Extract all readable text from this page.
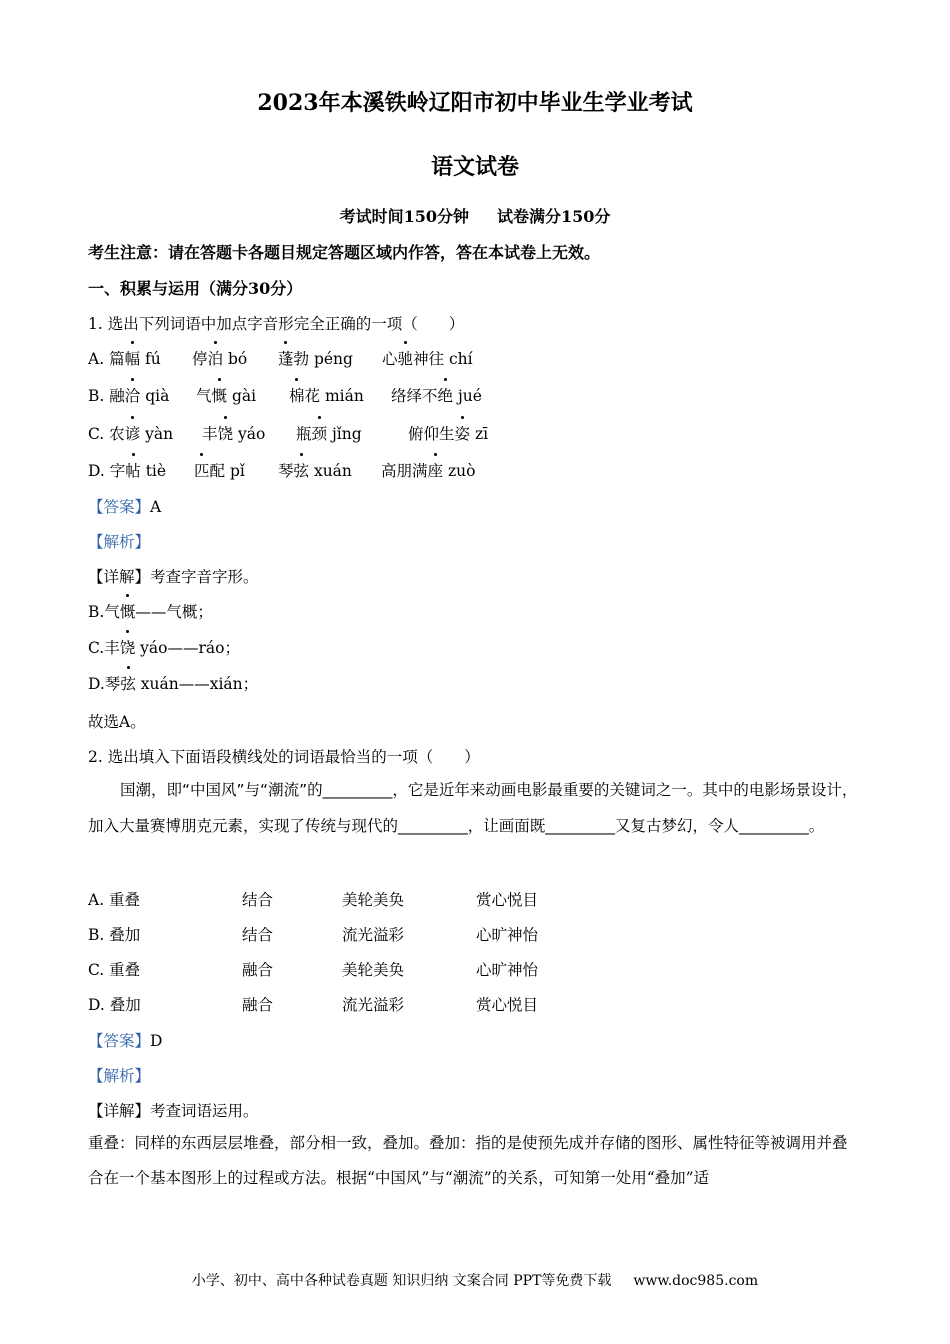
2023年本溪铁岭辽阳市初中毕业生学业考试
语文试卷
考试时间150分钟 试卷满分150分
考生注意：请在答题卡各题目规定答题区域内作答，答在本试卷上无效。
一、积累与运用（满分30分）
1. 选出下列词语中加点字音形完全正确的一项（　　）
A. 篇幅 fú 停泊 bó 蓬勃 péng 心驰神往 chí
B. 融洽 qià 气慨 gài 棉花 mián 络绎不绝 jué
C. 农谚 yàn 丰饶 yáo 瓶颈 jǐng	俯仰生姿 zī
D. 字帖 tiè 匹配 pǐ 琴弦 xuán 高朋满座 zuò
【答案】A
【解析】
【详解】考查字音字形。
B.气慨——气概；
C.丰饶 yáo——ráo；
D.琴弦 xuán——xián；
故选A。
2. 选出填入下面语段横线处的词语最恰当的一项（　　）
国潮，即“中国风”与“潮流”的_________，它是近年来动画电影最重要的关键词之一。其中的电影场景设计，加入大量赛博朋克元素，实现了传统与现代的_________，让画面既_________又复古梦幻，令人_________。
A. 重叠	结合	美轮美奂	赏心悦目
B. 叠加	结合	流光溢彩	心旷神怡
C. 重叠	融合	美轮美奂	心旷神怡
D. 叠加	融合	流光溢彩	赏心悦目
【答案】D
【解析】
【详解】考查词语运用。
重叠：同样的东西层层堆叠，部分相一致，叠加。叠加：指的是使预先成并存储的图形、属性特征等被调用并叠合在一个基本图形上的过程或方法。根据“中国风”与“潮流”的关系，可知第一处用“叠加”适
小学、初中、高中各种试卷真题 知识归纳 文案合同 PPT等免费下载 www.doc985.com
